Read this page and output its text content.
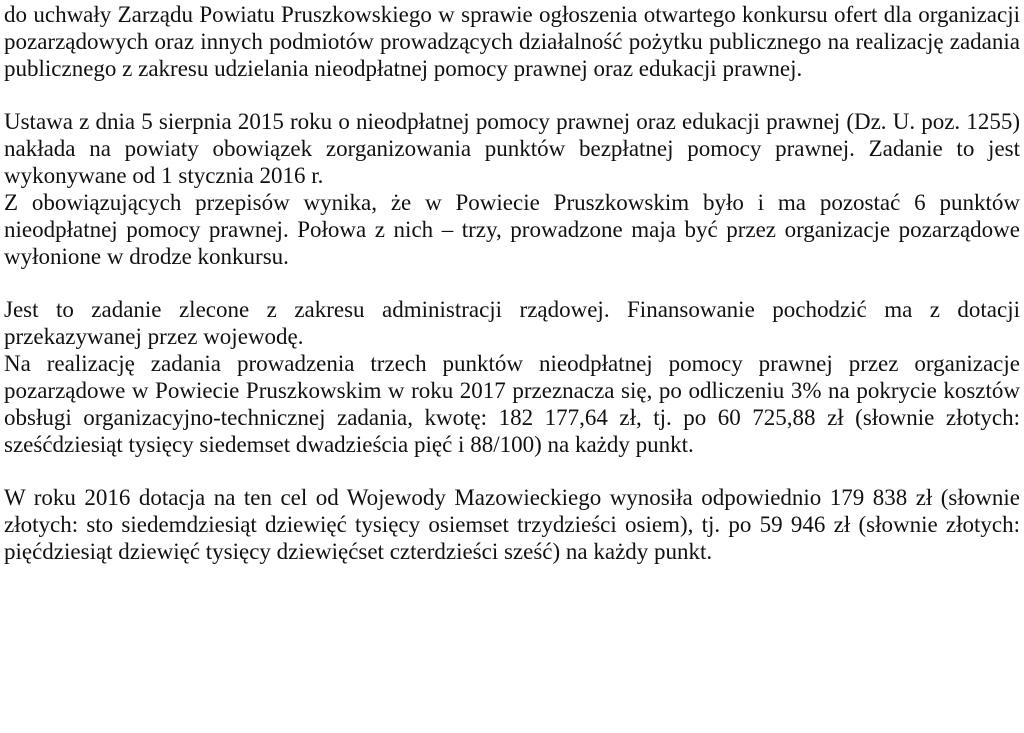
do uchwały Zarządu Powiatu Pruszkowskiego w sprawie ogłoszenia otwartego konkursu ofert dla organizacji pozarządowych oraz innych podmiotów prowadzących działalność pożytku publicznego na realizację zadania publicznego z zakresu udzielania nieodpłatnej pomocy prawnej oraz edukacji prawnej.

Ustawa z dnia 5 sierpnia 2015 roku o nieodpłatnej pomocy prawnej oraz edukacji prawnej (Dz. U. poz. 1255) nakłada na powiaty obowiązek zorganizowania punktów bezpłatnej pomocy prawnej. Zadanie to jest wykonywane od 1 stycznia 2016 r.

Z obowiązujących przepisów wynika, że w Powiecie Pruszkowskim było i ma pozostać 6 punktów nieodpłatnej pomocy prawnej. Połowa z nich – trzy, prowadzone maja być przez organizacje pozarządowe wyłonione w drodze konkursu.

Jest to zadanie zlecone z zakresu administracji rządowej. Finansowanie pochodzić ma z dotacji przekazywanej przez wojewodę.

Na realizację zadania prowadzenia trzech punktów nieodpłatnej pomocy prawnej przez organizacje pozarządowe w Powiecie Pruszkowskim w roku 2017 przeznacza się, po odliczeniu 3% na pokrycie kosztów obsługi organizacyjno-technicznej zadania, kwotę: 182 177,64 zł, tj. po 60 725,88 zł (słownie złotych: sześćdziesiąt tysięcy siedemset dwadzieścia pięć i 88/100) na każdy punkt.

W roku 2016 dotacja na ten cel od Wojewody Mazowieckiego wynosiła odpowiednio 179 838 zł (słownie złotych: sto siedemdziesiąt dziewięć tysięcy osiemset trzydzieści osiem), tj. po 59 946 zł (słownie złotych: pięćdziesiąt dziewięć tysięcy dziewięćset czterdzieści sześć) na każdy punkt.
